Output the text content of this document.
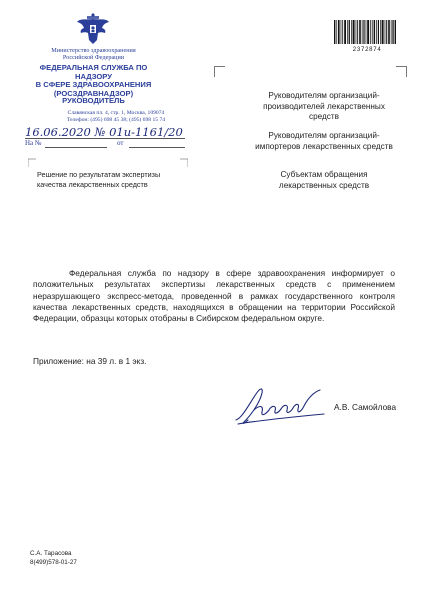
Министерство здравоохранения
Российской Федерации
ФЕДЕРАЛЬНАЯ СЛУЖБА ПО НАДЗОРУ
В СФЕРЕ ЗДРАВООХРАНЕНИЯ
(РОСЗДРАВНАДЗОР)
РУКОВОДИТЕЛЬ
Славянская пл. 4, стр. 1, Москва, 109074
Телефон: (495) 698 45 38; (495) 698 15 74
16.06.2020 № 01и-1161/20
На №	от
Решение по результатам экспертизы
качества лекарственных средств
2372874
Руководителям организаций-
производителей лекарственных
средств
Руководителям организаций-
импортеров лекарственных средств
Субъектам обращения
лекарственных средств
Федеральная служба по надзору в сфере здравоохранения информирует о положительных результатах экспертизы лекарственных средств с применением неразрушающего экспресс-метода, проведенной в рамках государственного контроля качества лекарственных средств, находящихся в обращении на территории Российской Федерации, образцы которых отобраны в Сибирском федеральном округе.
Приложение: на 39 л. в 1 экз.
А.В. Самойлова
С.А. Тарасова
8(499)578-01-27
